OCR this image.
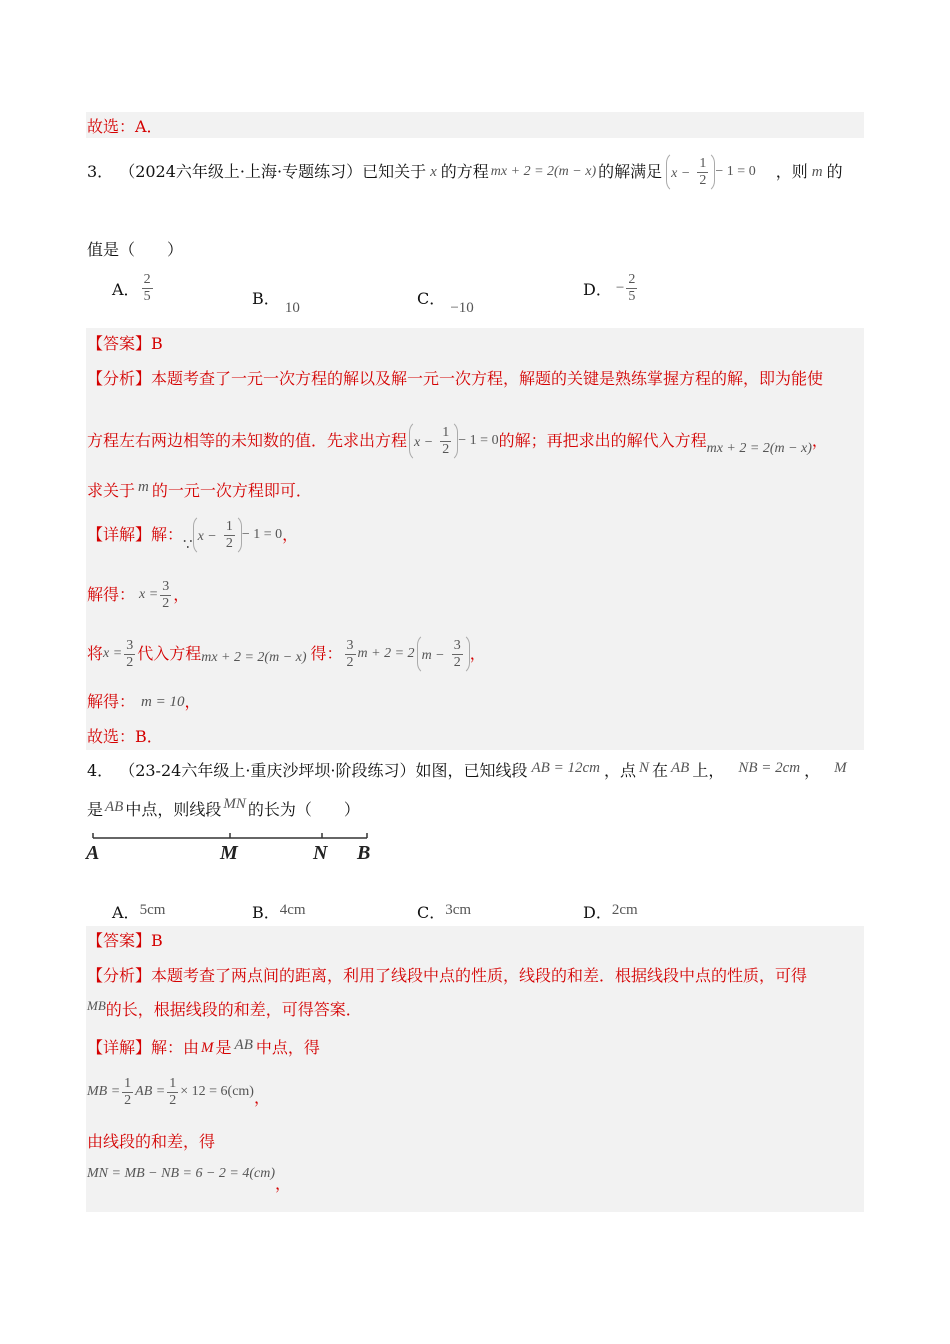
故选：A．
3． （2024六年级上·上海·专题练习） 已知关于 x 的方程 mx + 2 = 2(m − x) 的解满足 $x - \frac{1}{2} - 1 = 0$ ，则 m 的
值是（　　）
A． $\frac{2}{5}$	B． 10	C． −10
D． − $\frac{2}{5}$
【答案】B
【分析】本题考查了一元一次方程的解以及解一元一次方程，解题的关键是熟练掌握方程的解，即为能使
方程左右两边相等的未知数的值．先求出方程 $x - \frac{1}{2} - 1 = 0$ 的解；再把求出的解代入方程 mx + 2 = 2(m − x) ，
求关于 m 的一元一次方程即可．
【详解】 解：
∵
$x - \frac{1}{2} - 1 = 0$ ，
解得： $x = \frac{3}{2}$ ，
将 $x = \frac{3}{2}$ 代入方程 mx + 2 = 2(m − x) 得： $\frac{3}{2}$ m + 2 = 2 $m - \frac{3}{2}$ ，
解得： m = 10 ，
故选：B．
4． （23-24六年级上·重庆沙坪坝·阶段练习） 如图，已知线段 AB = 12cm ，点 N 在 AB 上， NB = 2cm ， M
是 AB 中点，则线段 MN 的长为（　　）
A	M	N B
A．5cm	B．4cm	C．3cm	D．2cm
【答案】B
【分析】本题考查了两点间的距离，利用了线段中点的性质，线段的和差．根据线段中点的性质，可得
MB 的长，根据线段的和差，可得答案．
【详解】 解：由 M 是 AB 中点，得
MB = $\frac{1}{2}$ AB = $\frac{1}{2} \times 12 = 6(cm)$ ，
由线段的和差，得
MN = MB − NB = 6 − 2 = 4(cm)
，
